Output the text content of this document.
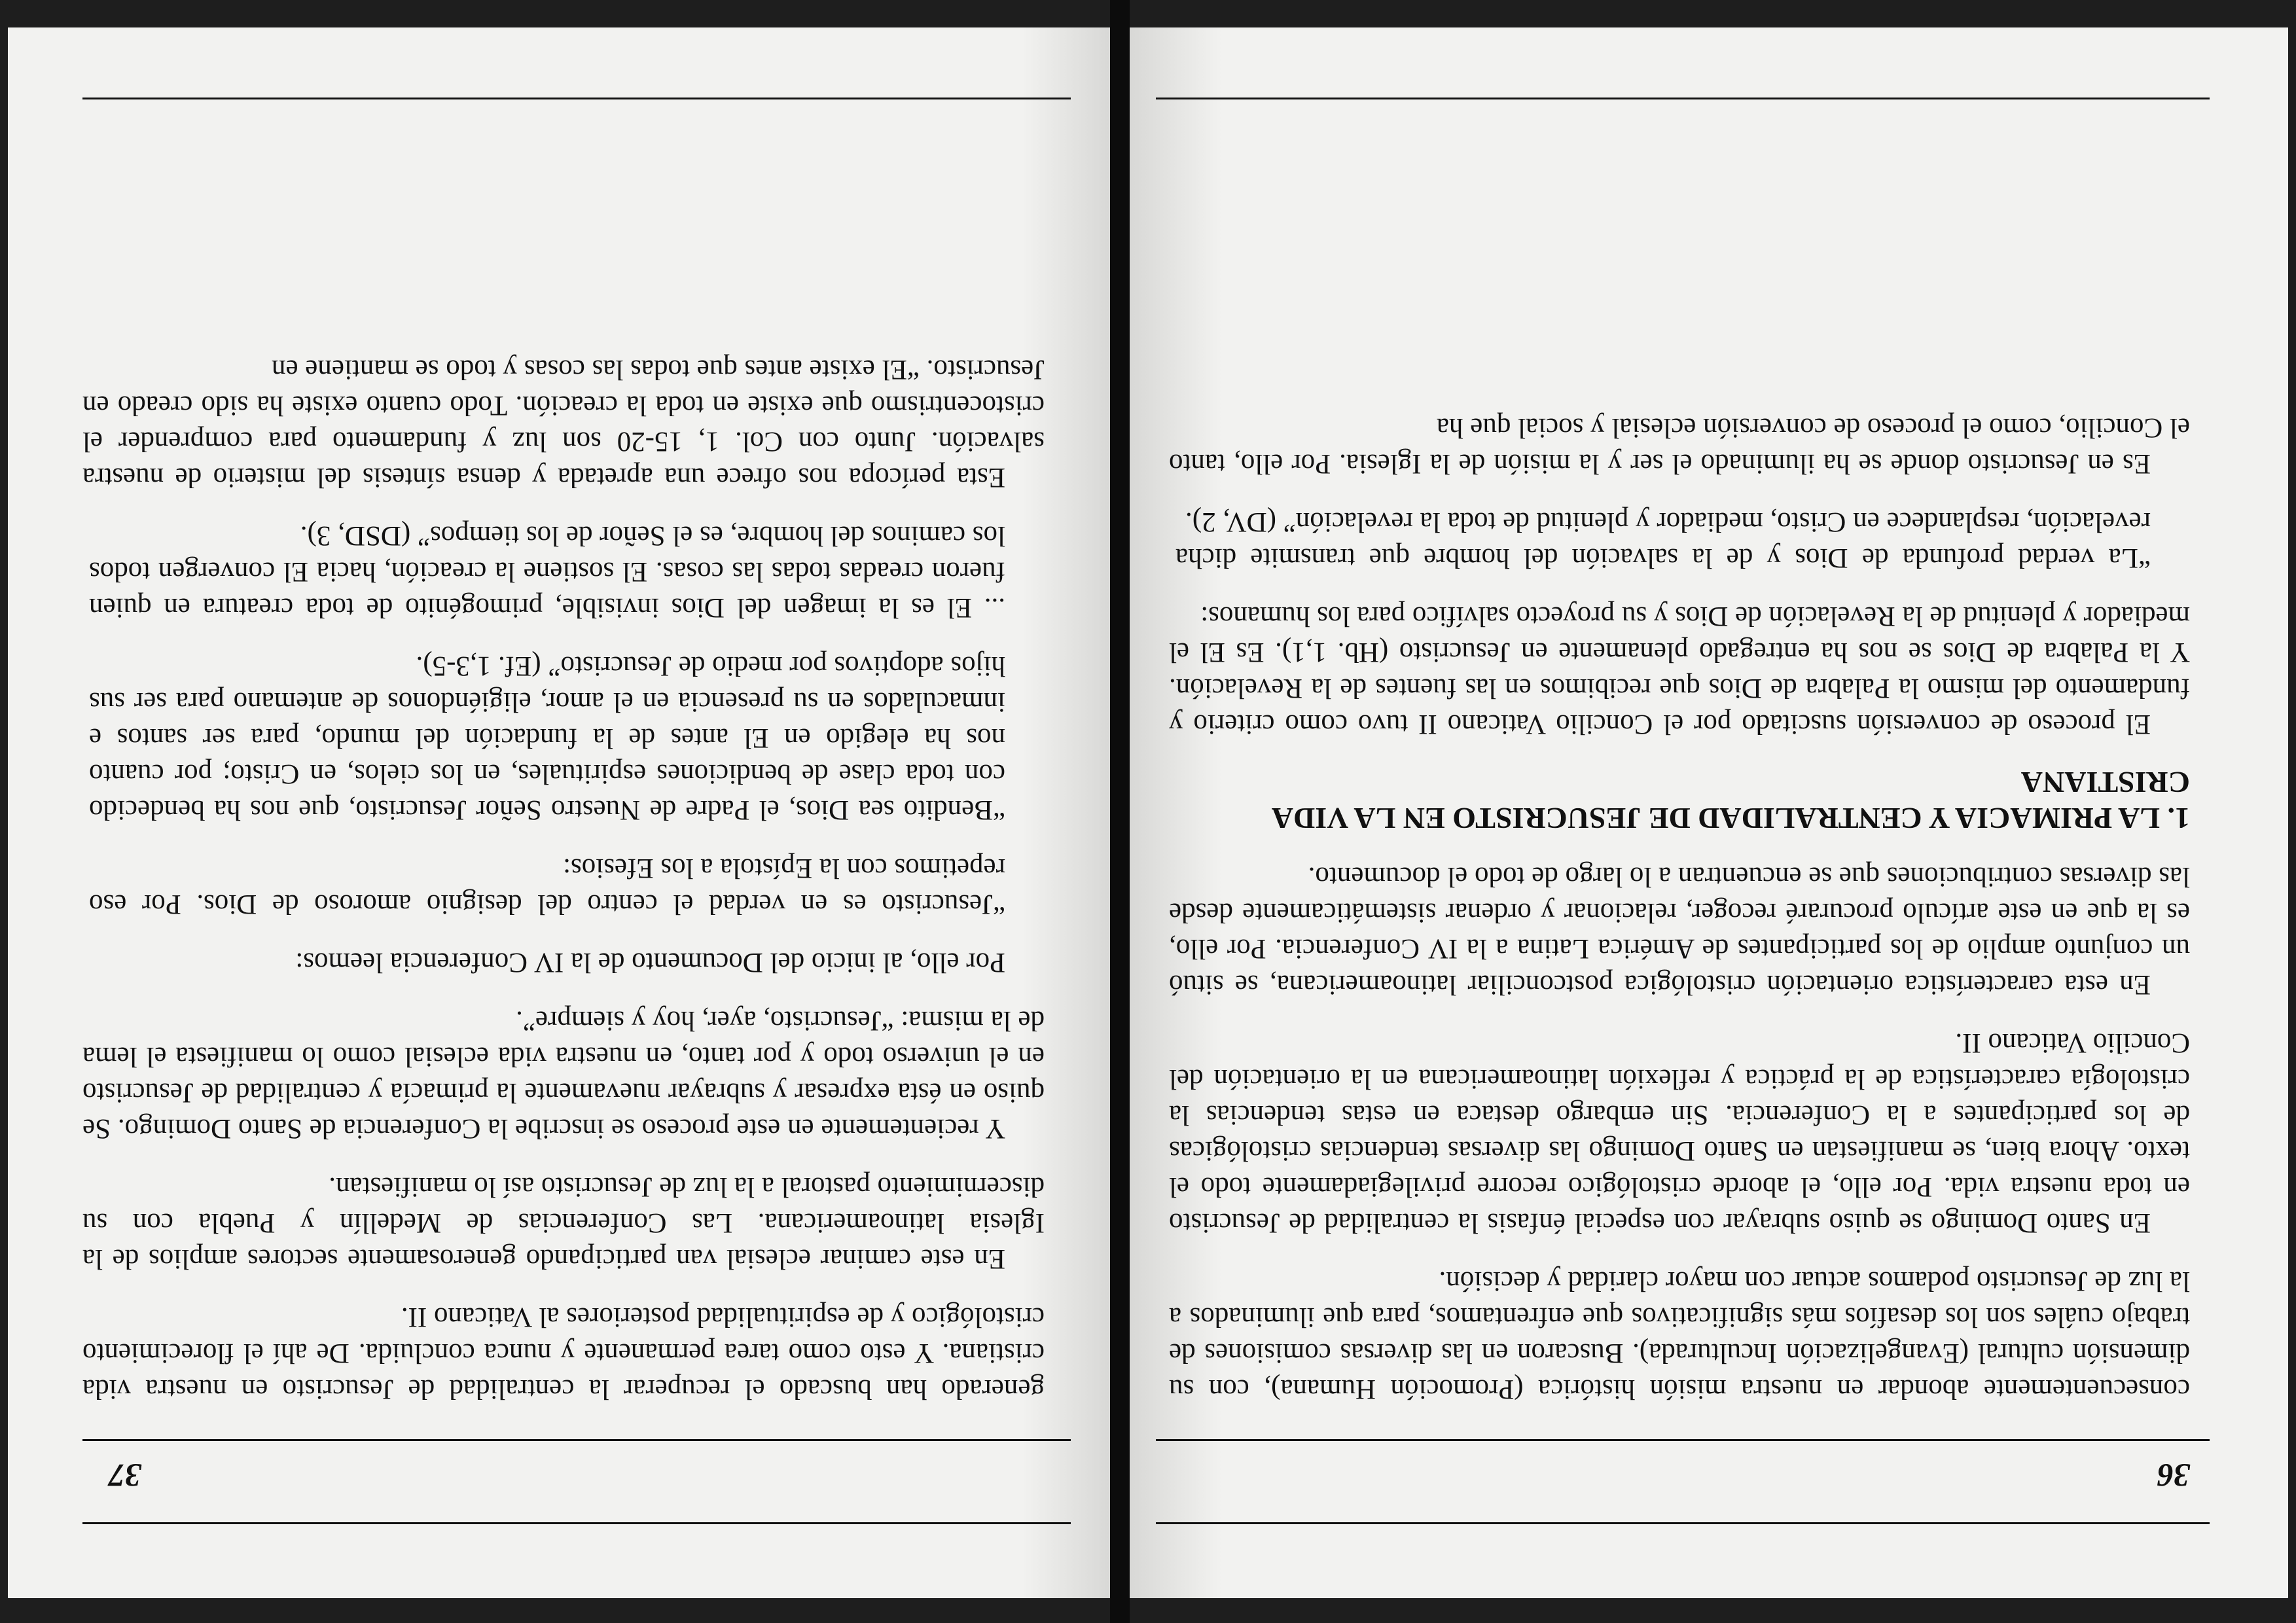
36

consecuentemente abondar en nuestra misión histórica (Promoción Humana), con su dimensión cultural (Evangelización Inculturada). Buscaron en las diversas comisiones de trabajo cuáles son los desafíos más significativos que enfrentamos, para que iluminados a la luz de Jesucristo podamos actuar con mayor claridad y decisión.

En Santo Domingo se quiso subrayar con especial énfasis la centralidad de Jesucristo en toda nuestra vida. Por ello, el aborde cristológico recorre privilegiadamente todo el texto. Ahora bien, se manifiestan en Santo Domingo las diversas tendencias cristológicas de los participantes a la Conferencia. Sin embargo destaca en estas tendencias la cristología característica de la práctica y reflexión latinoamericana en la orientación del Concilio Vaticano II.

En esta característica orientación cristológica postconciliar latinoamericana, se situó un conjunto amplio de los participantes de América Latina a la IV Conferencia. Por ello, es la que en este artículo procuraré recoger, relacionar y ordenar sistemáticamente desde las diversas contribuciones que se encuentran a lo largo de todo el documento.

1. LA PRIMACIA Y CENTRALIDAD DE JESUCRISTO EN LA VIDA CRISTIANA

El proceso de conversión suscitado por el Concilio Vaticano II tuvo como criterio y fundamento del mismo la Palabra de Dios que recibimos en las fuentes de la Revelación. Y la Palabra de Dios se nos ha entregado plenamente en Jesucristo (Hb. 1,1). Es El el mediador y plenitud de la Revelación de Dios y su proyecto salvífico para los humanos:

“La verdad profunda de Dios y de la salvación del hombre que transmite dicha revelación, resplandece en Cristo, mediador y plenitud de toda la revelación” (DV, 2).

Es en Jesucristo donde se ha iluminado el ser y la misión de la Iglesia. Por ello, tanto el Concilio, como el proceso de conversión eclesial y social que ha

37

generado han buscado el recuperar la centralidad de Jesucristo en nuestra vida cristiana. Y esto como tarea permanente y nunca concluida. De ahí el florecimiento cristológico y de espiritualidad posteriores al Vaticano II.

En este caminar eclesial van participando generosamente sectores amplios de la Iglesia latinoamericana. Las Conferencias de Medellín y Puebla con su discernimiento pastoral a la luz de Jesucristo así lo manifiestan.

Y recientemente en este proceso se inscribe la Conferencia de Santo Domingo. Se quiso en ésta expresar y subrayar nuevamente la primacía y centralidad de Jesucristo en el universo todo y por tanto, en nuestra vida eclesial como lo manifiesta el lema de la misma: “Jesucristo, ayer, hoy y siempre”.

Por ello, al inicio del Documento de la IV Conferencia leemos:

“Jesucristo es en verdad el centro del designio amoroso de Dios. Por eso repetimos con la Epístola a los Efesios:

“Bendito sea Dios, el Padre de Nuestro Señor Jesucristo, que nos ha bendecido con toda clase de bendiciones espirituales, en los cielos, en Cristo; por cuanto nos ha elegido en El antes de la fundación del mundo, para ser santos e inmaculados en su presencia en el amor, eligiéndonos de antemano para ser sus hijos adoptivos por medio de Jesucristo” (Ef. 1,3-5).

... El es la imagen del Dios invisible, primogénito de toda creatura en quien fueron creadas todas las cosas. El sostiene la creación, hacia El convergen todos los caminos del hombre, es el Señor de los tiempos” (DSD, 3).

Esta perícopa nos ofrece una apretada y densa síntesis del misterio de nuestra salvación. Junto con Col. 1, 15-20 son luz y fundamento para comprender el cristocentrismo que existe en toda la creación. Todo cuanto existe ha sido creado en Jesucristo. “El existe antes que todas las cosas y todo se mantiene en
